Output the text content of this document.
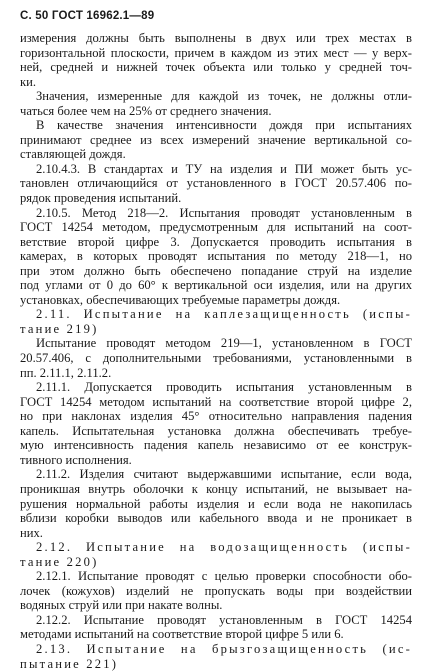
С. 50 ГОСТ 16962.1—89
измерения должны быть выполнены в двух или трех местах в
горизонтальной плоскости, причем в каждом из этих мест — у верх-
ней, средней и нижней точек объекта или только у средней точ-
ки.
Значения, измеренные для каждой из точек, не должны отли-
чаться более чем на 25% от среднего значения.
В качестве значения интенсивности дождя при испытаниях
принимают среднее из всех измерений значение вертикальной со-
ставляющей дождя.
2.10.4.3. В стандартах и ТУ на изделия и ПИ может быть ус-
тановлен отличающийся от установленного в ГОСТ 20.57.406 по-
рядок проведения испытаний.
2.10.5. Метод 218—2. Испытания проводят установленным в
ГОСТ 14254 методом, предусмотренным для испытаний на соот-
ветствие второй цифре 3. Допускается проводить испытания в
камерах, в которых проводят испытания по методу 218—1, но
при этом должно быть обеспечено попадание струй на изделие
под углами от 0 до 60° к вертикальной оси изделия, или на других
установках, обеспечивающих требуемые параметры дождя.
2.11. Испытание на каплезащищенность (испы-
тание 219)
Испытание проводят методом 219—1, установленном в ГОСТ
20.57.406, с дополнительными требованиями, установленными в
пп. 2.11.1, 2.11.2.
2.11.1. Допускается проводить испытания установленным в
ГОСТ 14254 методом испытаний на соответствие второй цифре 2,
но при наклонах изделия 45° относительно направления падения
капель. Испытательная установка должна обеспечивать требуе-
мую интенсивность падения капель независимо от ее конструк-
тивного исполнения.
2.11.2. Изделия считают выдержавшими испытание, если вода,
проникшая внутрь оболочки к концу испытаний, не вызывает на-
рушения нормальной работы изделия и если вода не накопилась
вблизи коробки выводов или кабельного ввода и не проникает в
них.
2.12. Испытание на водозащищенность (испы-
тание 220)
2.12.1. Испытание проводят с целью проверки способности обо-
лочек (кожухов) изделий не пропускать воды при воздействии
водяных струй или при накате волны.
2.12.2. Испытание проводят установленным в ГОСТ 14254
методами испытаний на соответствие второй цифре 5 или 6.
2.13. Испытание на брызгозащищенность (ис-
пытание 221)
